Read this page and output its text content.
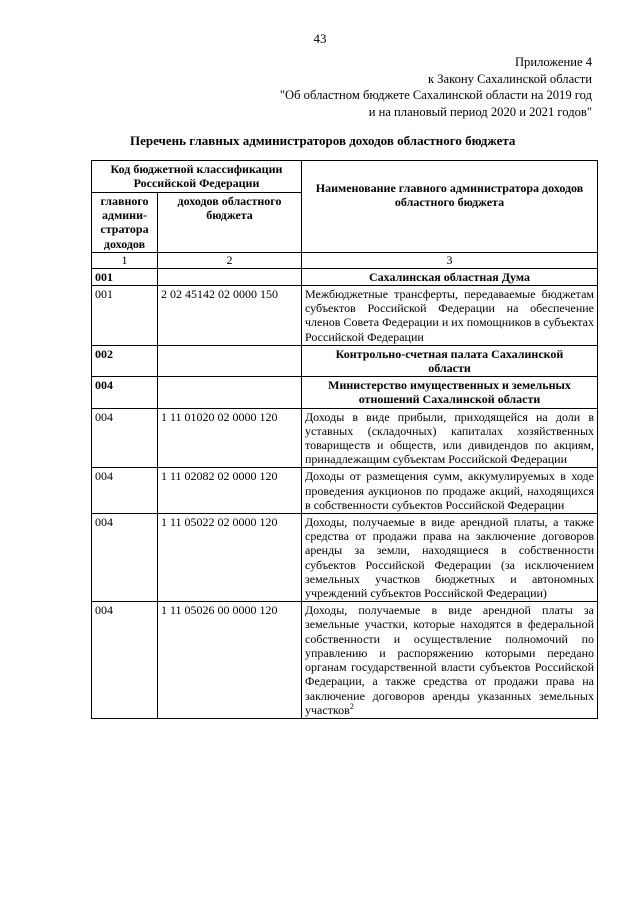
43
Приложение 4
к Закону Сахалинской области
"Об областном бюджете Сахалинской области на 2019 год
и на плановый период 2020 и 2021 годов"
Перечень главных администраторов доходов областного бюджета
Код бюджетной классификации Российской Федерации		Наименование главного администратора доходов областного бюджета
главного админи-стратора доходов	доходов областного бюджета	
1	2	3
001		Сахалинская областная Дума
001	2 02 45142 02 0000 150	Межбюджетные трансферты, передаваемые бюджетам субъектов Российской Федерации на обеспечение членов Совета Федерации и их помощников в субъектах Российской Федерации
002		Контрольно-счетная палата Сахалинской области
004		Министерство имущественных и земельных отношений Сахалинской области
004	1 11 01020 02 0000 120	Доходы в виде прибыли, приходящейся на доли в уставных (складочных) капиталах хозяйственных товариществ и обществ, или дивидендов по акциям, принадлежащим субъектам Российской Федерации
004	1 11 02082 02 0000 120	Доходы от размещения сумм, аккумулируемых в ходе проведения аукционов по продаже акций, находящихся в собственности субъектов Российской Федерации
004	1 11 05022 02 0000 120	Доходы, получаемые в виде арендной платы, а также средства от продажи права на заключение договоров аренды за земли, находящиеся в собственности субъектов Российской Федерации (за исключением земельных участков бюджетных и автономных учреждений субъектов Российской Федерации)
004	1 11 05026 00 0000 120	Доходы, получаемые в виде арендной платы за земельные участки, которые находятся в федеральной собственности и осуществление полномочий по управлению и распоряжению которыми передано органам государственной власти субъектов Российской Федерации, а также средства от продажи права на заключение договоров аренды указанных земельных участков$^2$
